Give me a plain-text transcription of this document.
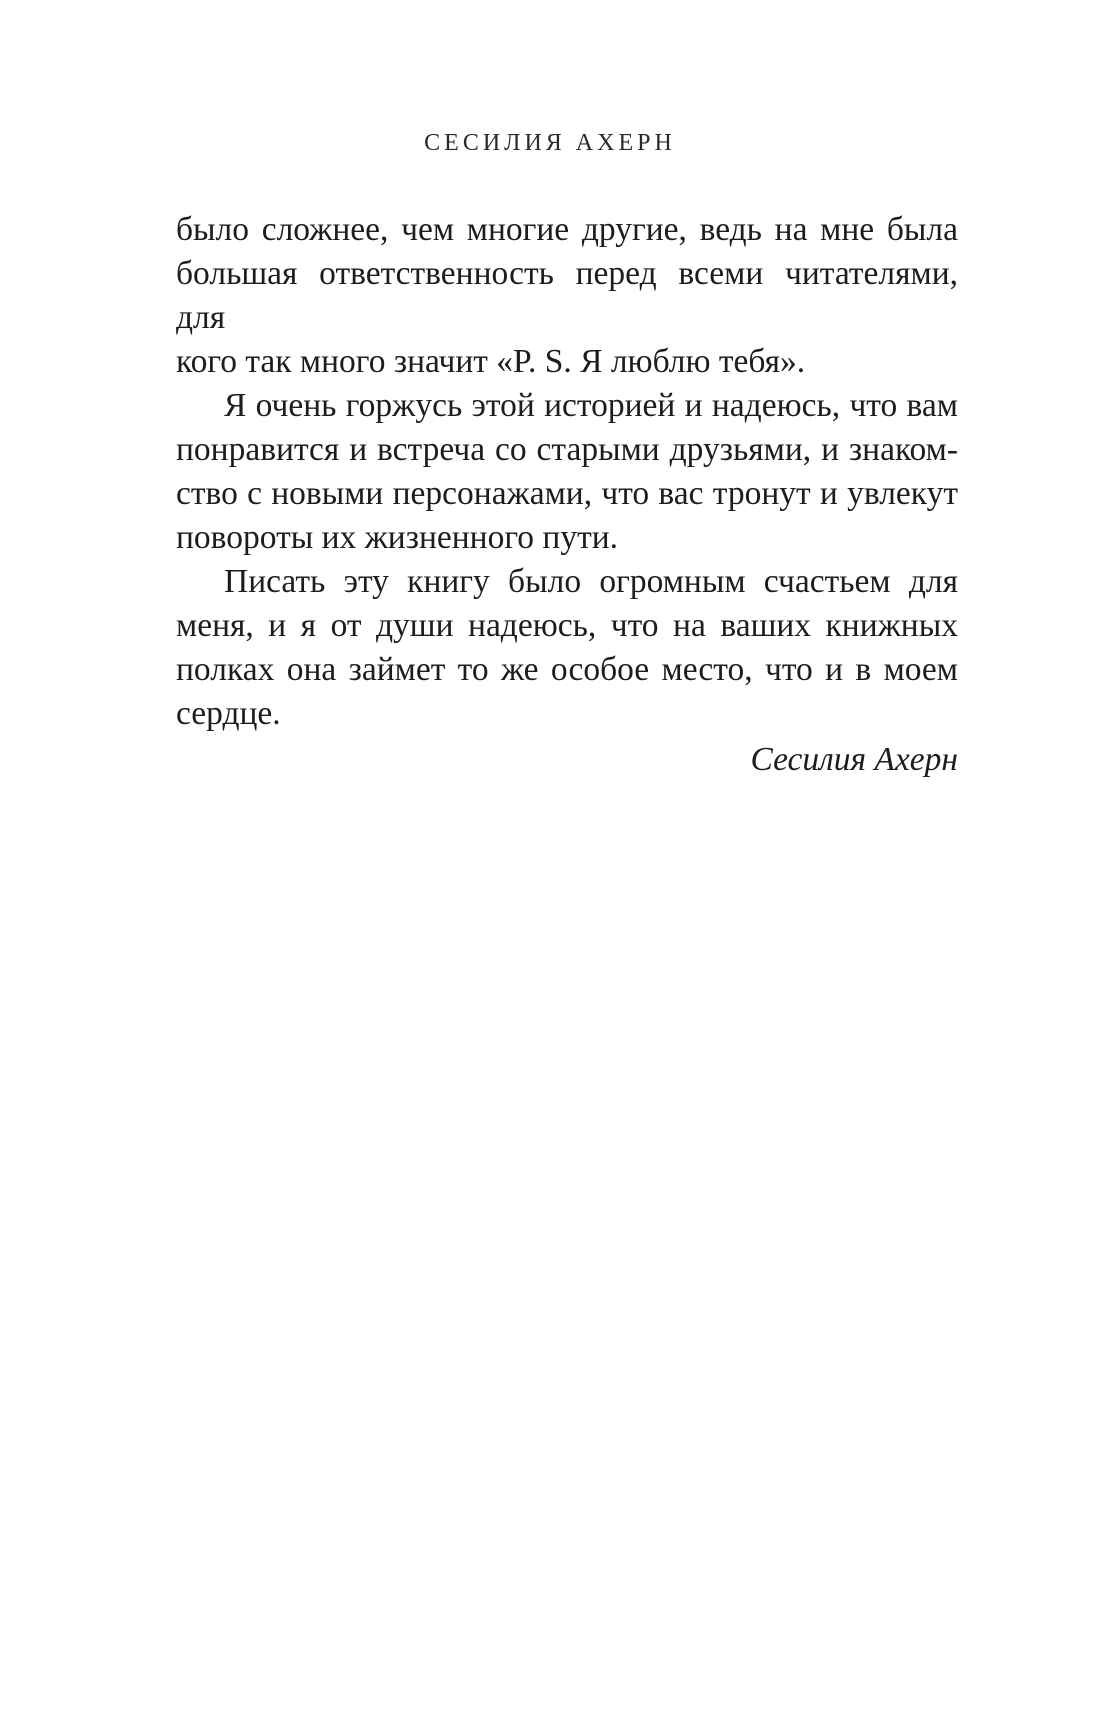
СЕСИЛИЯ АХЕРН

было сложнее, чем многие другие, ведь на мне была
большая ответственность перед всеми читателями, для
кого так много значит «P. S. Я люблю тебя».

Я очень горжусь этой историей и надеюсь, что вам
понравится и встреча со старыми друзьями, и знаком-
ство с новыми персонажами, что вас тронут и увлекут
повороты их жизненного пути.

Писать эту книгу было огромным счастьем для
меня, и я от души надеюсь, что на ваших книжных
полках она займет то же особое место, что и в моем
сердце.

Сесилия Ахерн
